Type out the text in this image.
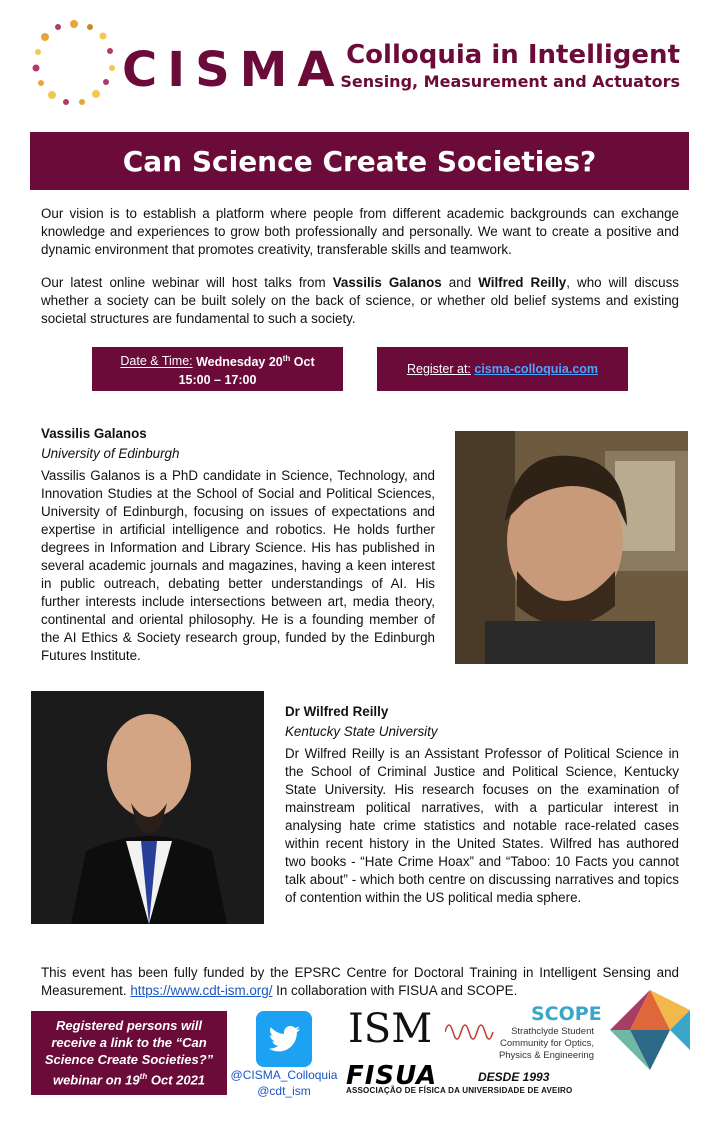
CISMA Colloquia in Intelligent
Sensing, Measurement and Actuators
Can Science Create Societies?
Our vision is to establish a platform where people from different academic backgrounds can exchange knowledge and experiences to grow both professionally and personally. We want to create a positive and dynamic environment that promotes creativity, transferable skills and teamwork.
Our latest online webinar will host talks from Vassilis Galanos and Wilfred Reilly, who will discuss whether a society can be built solely on the back of science, or whether old belief systems and existing societal structures are fundamental to such a society.
Date & Time: Wednesday 20th Oct
15:00 – 17:00
Register at: cisma-colloquia.com
Vassilis Galanos
University of Edinburgh
Vassilis Galanos is a PhD candidate in Science, Technology, and Innovation Studies at the School of Social and Political Sciences, University of Edinburgh, focusing on issues of expectations and expertise in artificial intelligence and robotics. He holds further degrees in Information and Library Science. His has published in several academic journals and magazines, having a keen interest in public outreach, debating better understandings of AI. His further interests include intersections between art, media theory, continental and oriental philosophy. He is a founding member of the AI Ethics & Society research group, funded by the Edinburgh Futures Institute.
Dr Wilfred Reilly
Kentucky State University
Dr Wilfred Reilly is an Assistant Professor of Political Science in the School of Criminal Justice and Political Science, Kentucky State University. His research focuses on the examination of mainstream political narratives, with a particular interest in analysing hate crime statistics and notable race-related cases within recent history in the United States. Wilfred has authored two books - “Hate Crime Hoax” and “Taboo: 10 Facts you cannot talk about” - which both centre on discussing narratives and topics of contention within the US political media sphere.
This event has been fully funded by the EPSRC Centre for Doctoral Training in Intelligent Sensing and Measurement. https://www.cdt-ism.org/ In collaboration with FISUA and SCOPE.
Registered persons will
receive a link to the “Can
Science Create Societies?”
webinar on 19th Oct 2021	@CISMA_Colloquia
@cdt_ism
ISM	SCOPE
Strathclyde Student
Community for Optics,
Physics & Engineering
FISUA	DESDE 1993
ASSOCIAÇÃO DE FÍSICA DA UNIVERSIDADE DE AVEIRO
